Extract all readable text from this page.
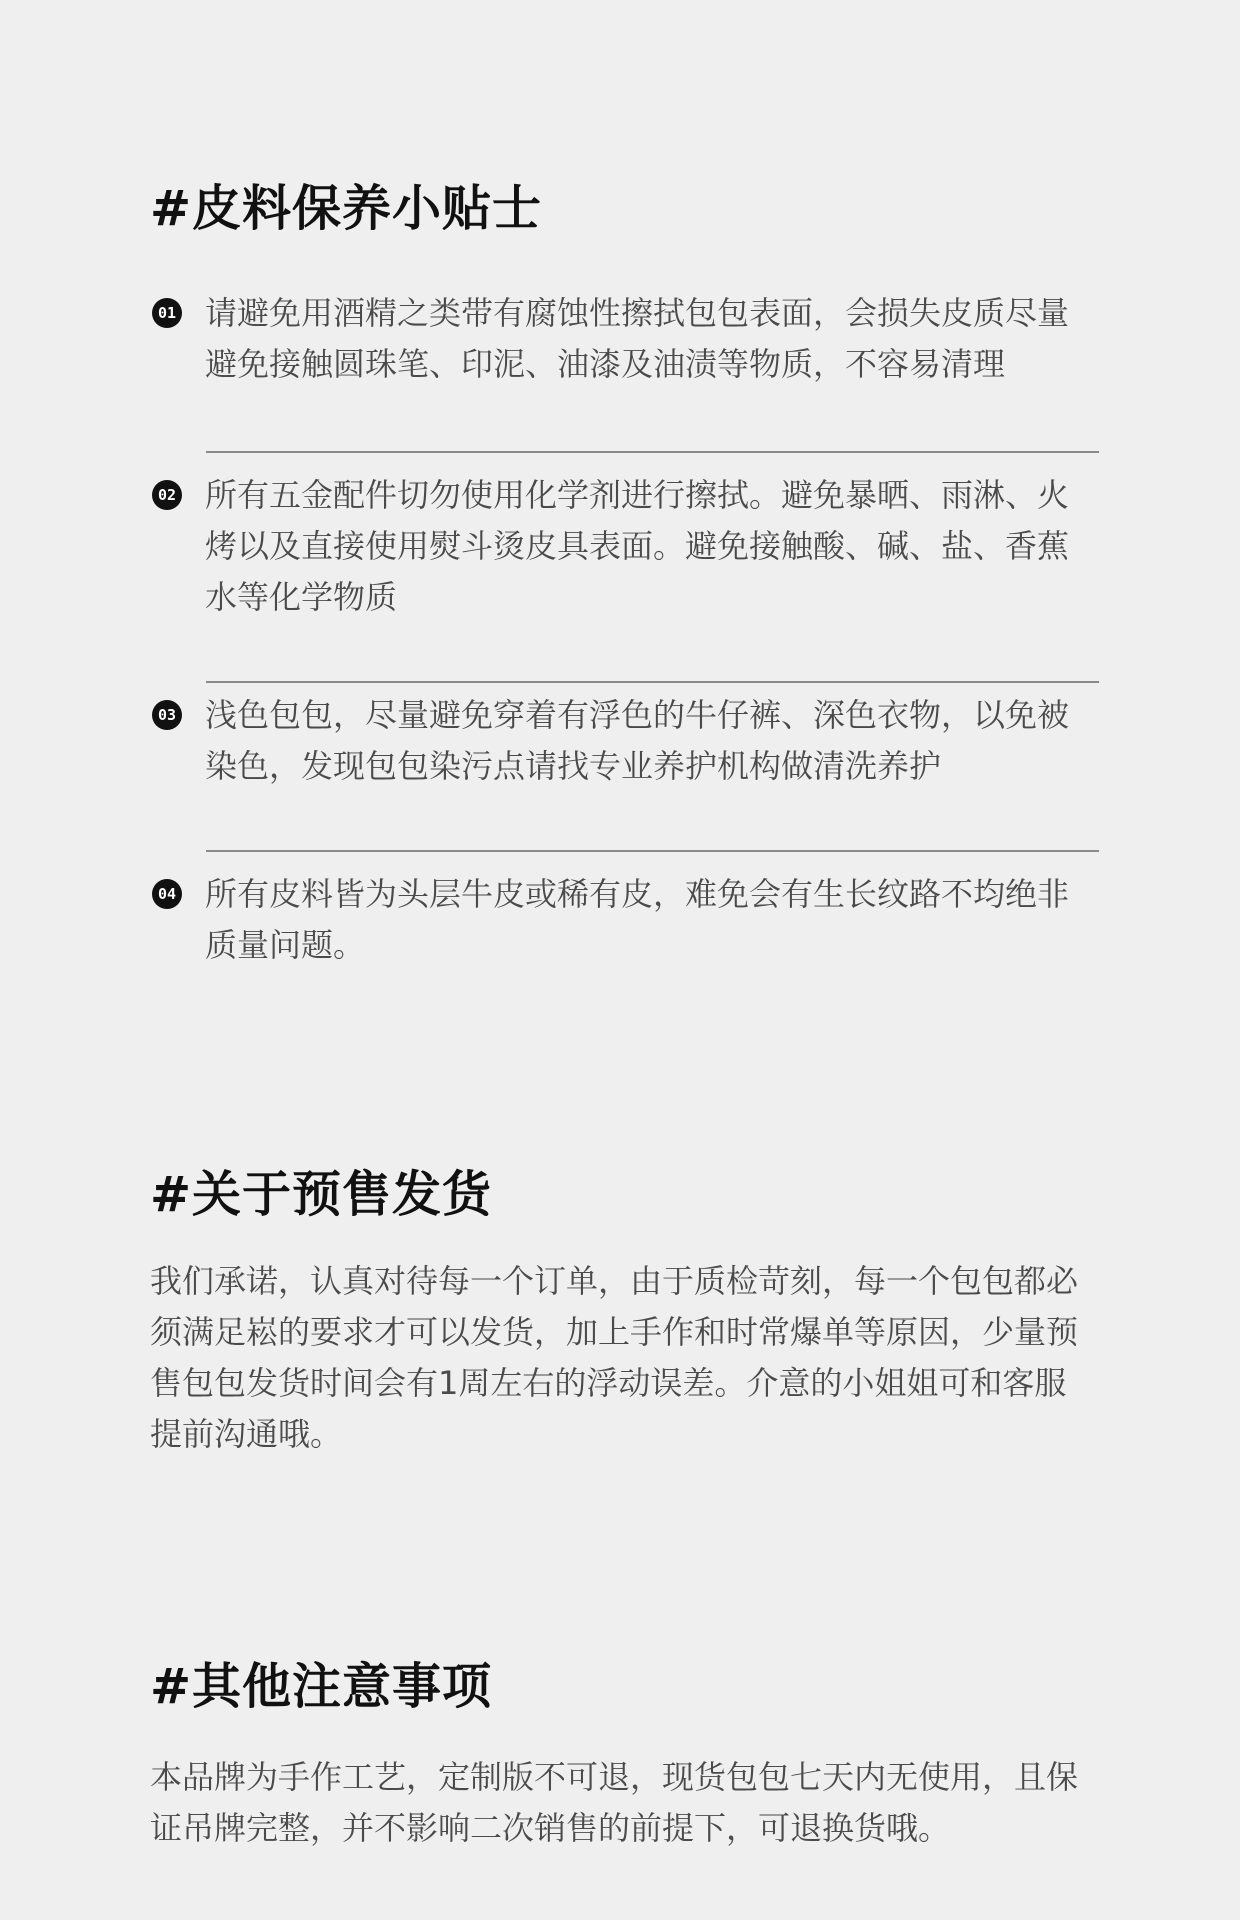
#皮料保养小贴士
01 请避免用酒精之类带有腐蚀性擦拭包包表面，会损失皮质尽量避免接触圆珠笔、印泥、油漆及油渍等物质，不容易清理
02 所有五金配件切勿使用化学剂进行擦拭。避免暴晒、雨淋、火烤以及直接使用熨斗烫皮具表面。避免接触酸、碱、盐、香蕉水等化学物质
03 浅色包包，尽量避免穿着有浮色的牛仔裤、深色衣物，以免被染色，发现包包染污点请找专业养护机构做清洗养护
04 所有皮料皆为头层牛皮或稀有皮，难免会有生长纹路不均绝非质量问题。
#关于预售发货

我们承诺，认真对待每一个订单，由于质检苛刻，每一个包包都必须满足崧的要求才可以发货，加上手作和时常爆单等原因，少量预售包包发货时间会有1周左右的浮动误差。介意的小姐姐可和客服提前沟通哦。

#其他注意事项

本品牌为手作工艺，定制版不可退，现货包包七天内无使用，且保证吊牌完整，并不影响二次销售的前提下，可退换货哦。
